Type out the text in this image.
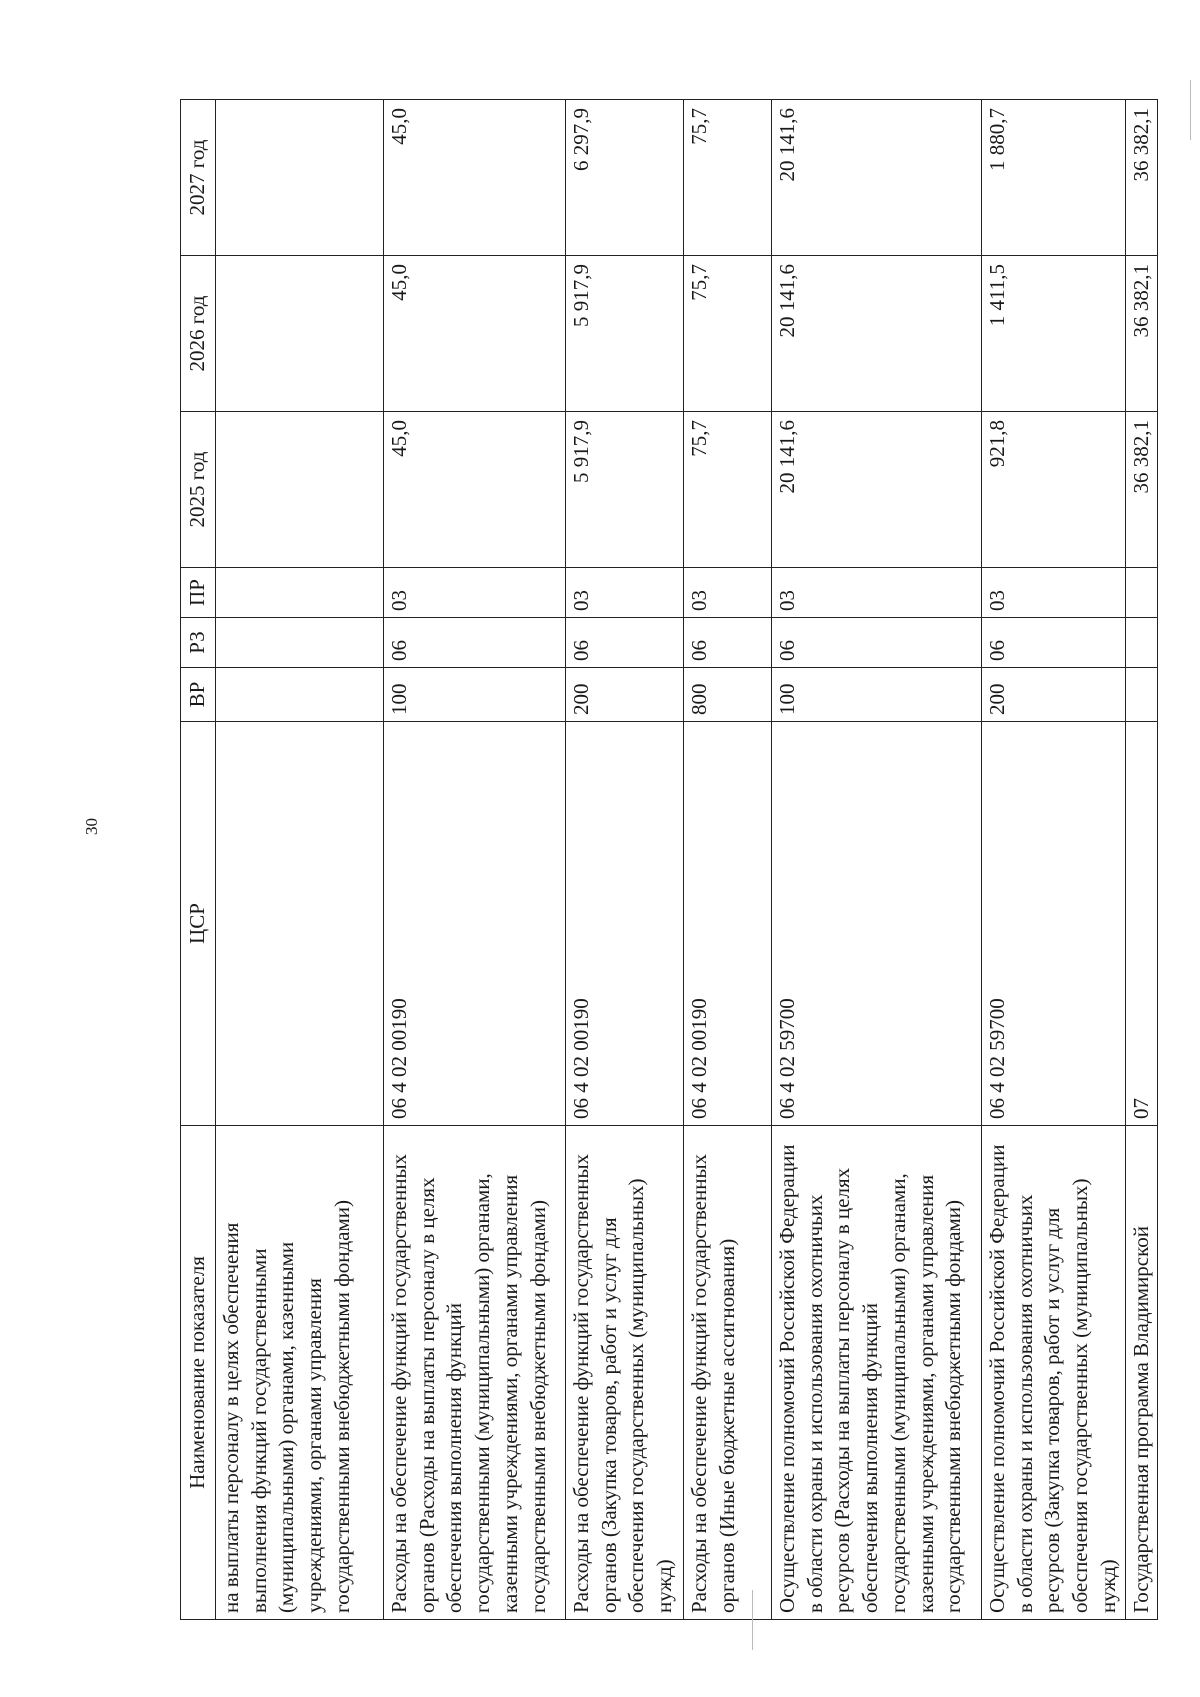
30
Наименование показателя	ЦСР	ВР	РЗ	ПР	2025 год	2026 год	2027 год
на выплаты персоналу в целях обеспечения выполнения функций государственными (муниципальными) органами, казенными учреждениями, органами управления государственными внебюджетными фондами)							
Расходы на обеспечение функций государственных органов (Расходы на выплаты персоналу в целях обеспечения выполнения функций государственными (муниципальными) органами, казенными учреждениями, органами управления государственными внебюджетными фондами)	06 4 02 00190	100	06	03	45,0	45,0	45,0
Расходы на обеспечение функций государственных органов (Закупка товаров, работ и услуг для обеспечения государственных (муниципальных) нужд)	06 4 02 00190	200	06	03	5 917,9	5 917,9	6 297,9
Расходы на обеспечение функций государственных органов (Иные бюджетные ассигнования)	06 4 02 00190	800	06	03	75,7	75,7	75,7
Осуществление полномочий Российской Федерации в области охраны и использования охотничьих ресурсов (Расходы на выплаты персоналу в целях обеспечения выполнения функций государственными (муниципальными) органами, казенными учреждениями, органами управления государственными внебюджетными фондами)	06 4 02 59700	100	06	03	20 141,6	20 141,6	20 141,6
Осуществление полномочий Российской Федерации в области охраны и использования охотничьих ресурсов (Закупка товаров, работ и услуг для обеспечения государственных (муниципальных) нужд)	06 4 02 59700	200	06	03	921,8	1 411,5	1 880,7
Государственная программа Владимирской	07				36 382,1	36 382,1	36 382,1
